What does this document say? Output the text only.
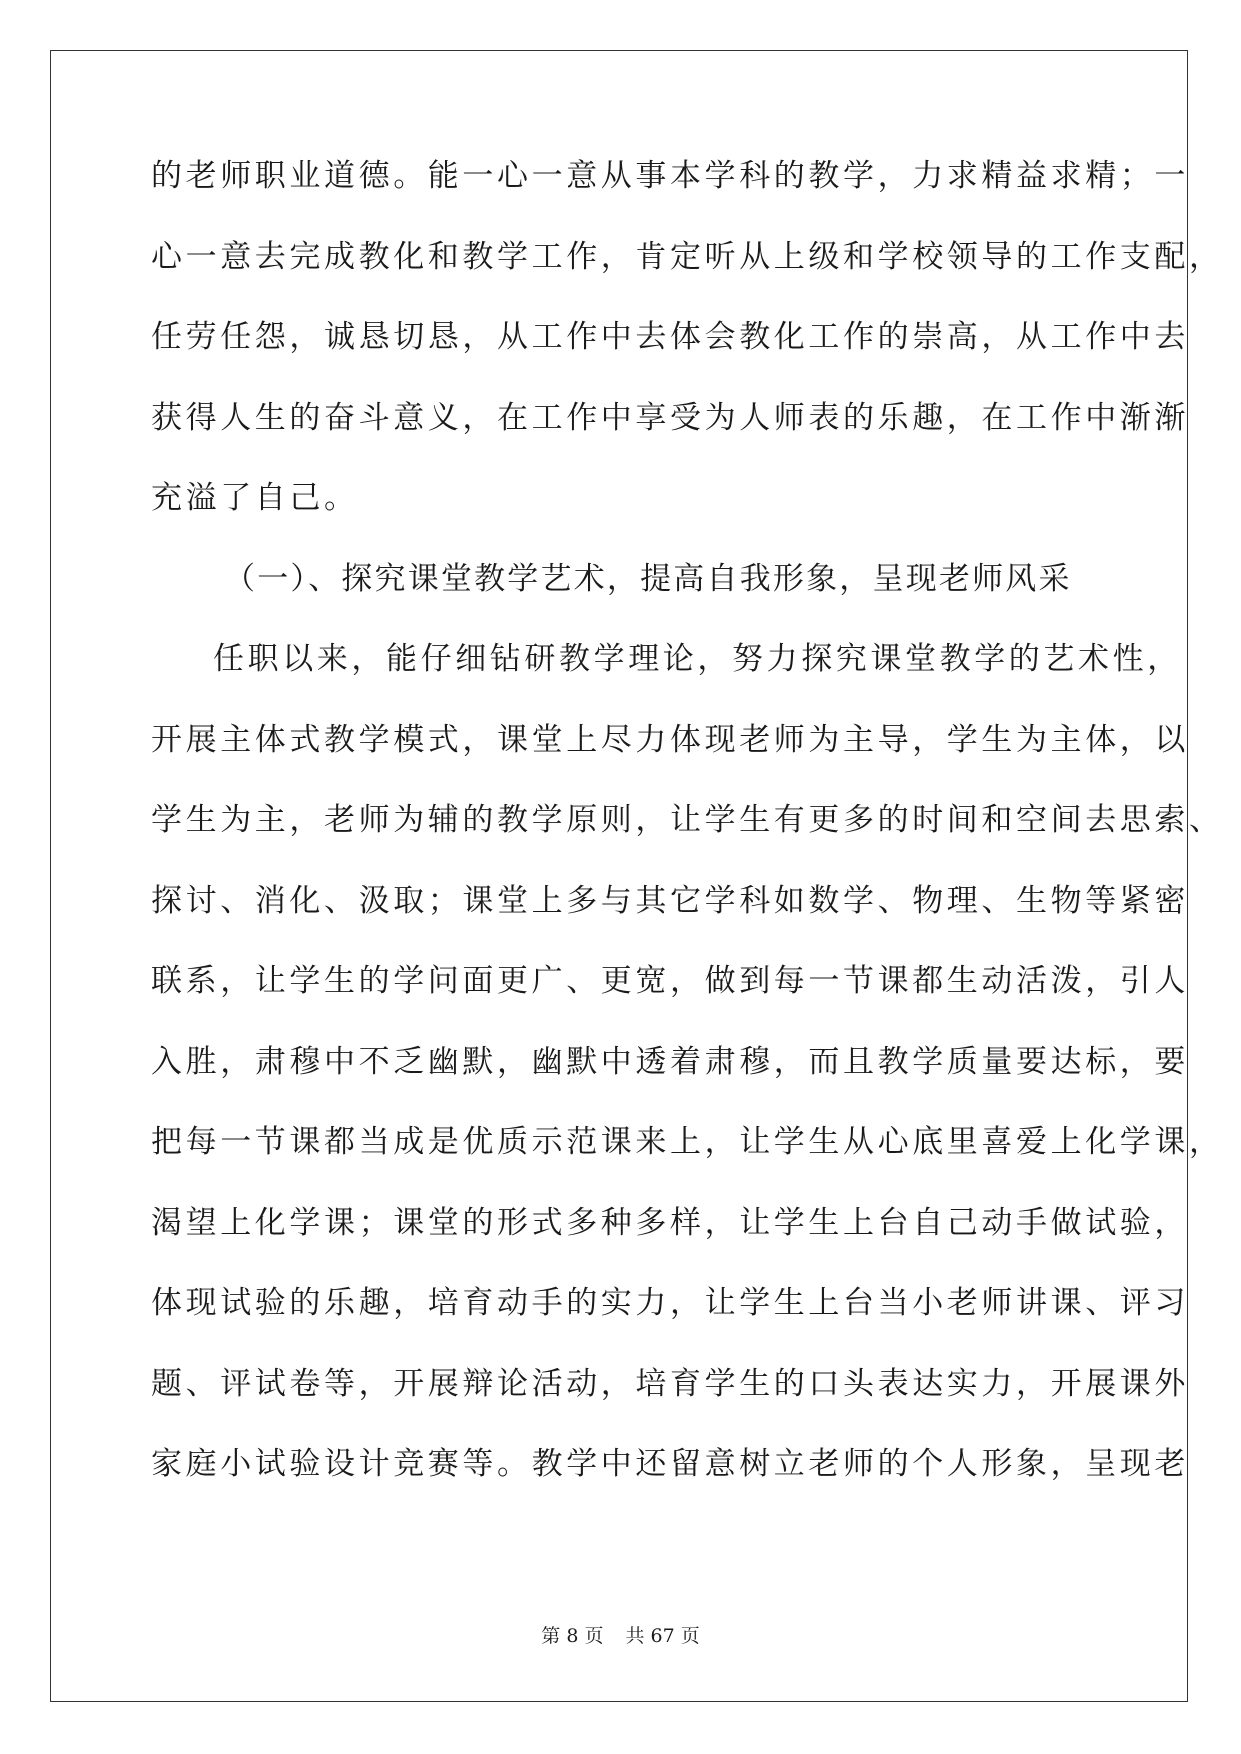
的老师职业道德。能一心一意从事本学科的教学，力求精益求精；一
心一意去完成教化和教学工作，肯定听从上级和学校领导的工作支配，
任劳任怨，诚恳切恳，从工作中去体会教化工作的崇高，从工作中去
获得人生的奋斗意义，在工作中享受为人师表的乐趣，在工作中渐渐
充溢了自己。
（一）、探究课堂教学艺术，提高自我形象，呈现老师风采
任职以来，能仔细钻研教学理论，努力探究课堂教学的艺术性，
开展主体式教学模式，课堂上尽力体现老师为主导，学生为主体，以
学生为主，老师为辅的教学原则，让学生有更多的时间和空间去思索、
探讨、消化、汲取；课堂上多与其它学科如数学、物理、生物等紧密
联系，让学生的学问面更广、更宽，做到每一节课都生动活泼，引人
入胜，肃穆中不乏幽默，幽默中透着肃穆，而且教学质量要达标，要
把每一节课都当成是优质示范课来上，让学生从心底里喜爱上化学课，
渴望上化学课；课堂的形式多种多样，让学生上台自己动手做试验，
体现试验的乐趣，培育动手的实力，让学生上台当小老师讲课、评习
题、评试卷等，开展辩论活动，培育学生的口头表达实力，开展课外
家庭小试验设计竞赛等。教学中还留意树立老师的个人形象，呈现老
第 8 页 共 67 页
